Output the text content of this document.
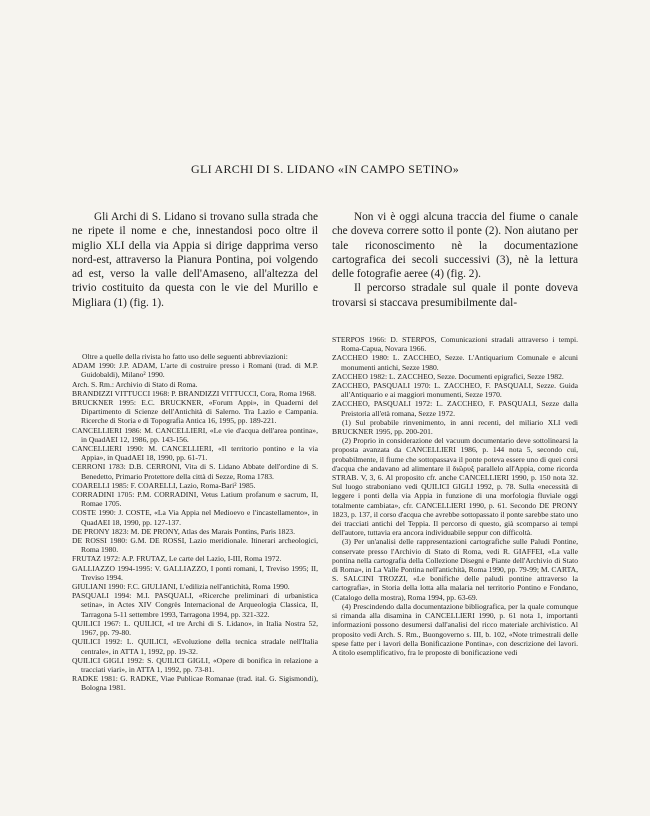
GLI ARCHI DI S. LIDANO «IN CAMPO SETINO»

Gli Archi di S. Lidano si trovano sulla strada che ne ripete il nome e che, innestandosi poco oltre il miglio XLI della via Appia si dirige dapprima verso nord-est, attraverso la Pianura Pontina, poi volgendo ad est, verso la valle dell'Amaseno, all'altezza del trivio costituito da questa con le vie del Murillo e Migliara (1) (fig. 1).

Non vi è oggi alcuna traccia del fiume o canale che doveva correre sotto il ponte (2). Non aiutano per tale riconoscimento nè la documentazione cartografica dei secoli successivi (3), nè la lettura delle fotografie aeree (4) (fig. 2).

Il percorso stradale sul quale il ponte doveva trovarsi si staccava presumibilmente dal-

Oltre a quelle della rivista ho fatto uso delle seguenti abbreviazioni:

ADAM 1990: J.P. ADAM, L'arte di costruire presso i Romani (trad. di M.P. Guidobaldi), Milano² 1990.

Arch. S. Rm.: Archivio di Stato di Roma.

BRANDIZZI VITTUCCI 1968: P. BRANDIZZI VITTUCCI, Cora, Roma 1968.

BRUCKNER 1995: E.C. BRUCKNER, «Forum Appi», in Quaderni del Dipartimento di Scienze dell'Antichità di Salerno. Tra Lazio e Campania. Ricerche di Storia e di Topografia Antica 16, 1995, pp. 189-221.

CANCELLIERI 1986: M. CANCELLIERI, «Le vie d'acqua dell'area pontina», in QuadAEI 12, 1986, pp. 143-156.

CANCELLIERI 1990: M. CANCELLIERI, «Il territorio pontino e la via Appia», in QuadAEI 18, 1990, pp. 61-71.

CERRONI 1783: D.B. CERRONI, Vita di S. Lidano Abbate dell'ordine di S. Benedetto, Primario Protettore della città di Sezze, Roma 1783.

COARELLI 1985: F. COARELLI, Lazio, Roma-Bari² 1985.

CORRADINI 1705: P.M. CORRADINI, Vetus Latium profanum e sacrum, II, Romae 1705.

COSTE 1990: J. COSTE, «La Via Appia nel Medioevo e l'incastellamento», in QuadAEI 18, 1990, pp. 127-137.

DE PRONY 1823: M. DE PRONY, Atlas des Marais Pontins, Paris 1823.

DE ROSSI 1980: G.M. DE ROSSI, Lazio meridionale. Itinerari archeologici, Roma 1980.

FRUTAZ 1972: A.P. FRUTAZ, Le carte del Lazio, I-III, Roma 1972.

GALLIAZZO 1994-1995: V. GALLIAZZO, I ponti romani, I, Treviso 1995; II, Treviso 1994.

GIULIANI 1990: F.C. GIULIANI, L'edilizia nell'antichità, Roma 1990.

PASQUALI 1994: M.I. PASQUALI, «Ricerche preliminari di urbanistica setina», in Actes XIV Congrès Internacional de Arqueologia Classica, II, Tarragona 5-11 settembre 1993, Tarragona 1994, pp. 321-322.

QUILICI 1967: L. QUILICI, «I tre Archi di S. Lidano», in Italia Nostra 52, 1967, pp. 79-80.

QUILICI 1992: L. QUILICI, «Evoluzione della tecnica stradale nell'Italia centrale», in ATTA 1, 1992, pp. 19-32.

QUILICI GIGLI 1992: S. QUILICI GIGLI, «Opere di bonifica in relazione a tracciati viari», in ATTA 1, 1992, pp. 73-81.

RADKE 1981: G. RADKE, Viae Publicae Romanae (trad. ital. G. Sigismondi), Bologna 1981.

STERPOS 1966: D. STERPOS, Comunicazioni stradali attraverso i tempi. Roma-Capua, Novara 1966.

ZACCHEO 1980: L. ZACCHEO, Sezze. L'Antiquarium Comunale e alcuni monumenti antichi, Sezze 1980.

ZACCHEO 1982: L. ZACCHEO, Sezze. Documenti epigrafici, Sezze 1982.

ZACCHEO, PASQUALI 1970: L. ZACCHEO, F. PASQUALI, Sezze. Guida all'Antiquario e ai maggiori monumenti, Sezze 1970.

ZACCHEO, PASQUALI 1972: L. ZACCHEO, F. PASQUALI, Sezze dalla Preistoria all'età romana, Sezze 1972.

(1) Sul probabile rinvenimento, in anni recenti, del miliario XLI vedi BRUCKNER 1995, pp. 200-201.

(2) Proprio in considerazione del vacuum documentario deve sottolinearsi la proposta avanzata da CANCELLIERI 1986, p. 144 nota 5, secondo cui, probabilmente, il fiume che sottopassava il ponte poteva essere uno di quei corsi d'acqua che andavano ad alimentare il διῶρυξ parallelo all'Appia, come ricorda STRAB. V, 3, 6. Al proposito cfr. anche CANCELLIERI 1990, p. 150 nota 32. Sul luogo straboniano vedi QUILICI GIGLI 1992, p. 78. Sulla «necessità di leggere i ponti della via Appia in funzione di una morfologia fluviale oggi totalmente cambiata», cfr. CANCELLIERI 1990, p. 61. Secondo DE PRONY 1823, p. 137, il corso d'acqua che avrebbe sottopassato il ponte sarebbe stato uno dei tracciati antichi del Teppia. Il percorso di questo, già scomparso ai tempi dell'autore, tuttavia era ancora individuabile seppur con difficoltà.

(3) Per un'analisi delle rappresentazioni cartografiche sulle Paludi Pontine, conservate presso l'Archivio di Stato di Roma, vedi R. GIAFFEI, «La valle pontina nella cartografia della Collezione Disegni e Piante dell'Archivio di Stato di Roma», in La Valle Pontina nell'antichità, Roma 1990, pp. 79-99; M. CARTA, S. SALCINI TROZZI, «Le bonifiche delle paludi pontine attraverso la cartografia», in Storia della lotta alla malaria nel territorio Pontino e Fondano, (Catalogo della mostra), Roma 1994, pp. 63-69.

(4) Prescindendo dalla documentazione bibliografica, per la quale comunque si rimanda alla disamina in CANCELLIERI 1990, p. 61 nota 1, importanti informazioni possono desumersi dall'analisi del ricco materiale archivistico. Al proposito vedi Arch. S. Rm., Buongoverno s. III, b. 102, «Note trimestrali delle spese fatte per i lavori della Bonificazione Pontina», con descrizione dei lavori. A titolo esemplificativo, fra le proposte di bonificazione vedi
